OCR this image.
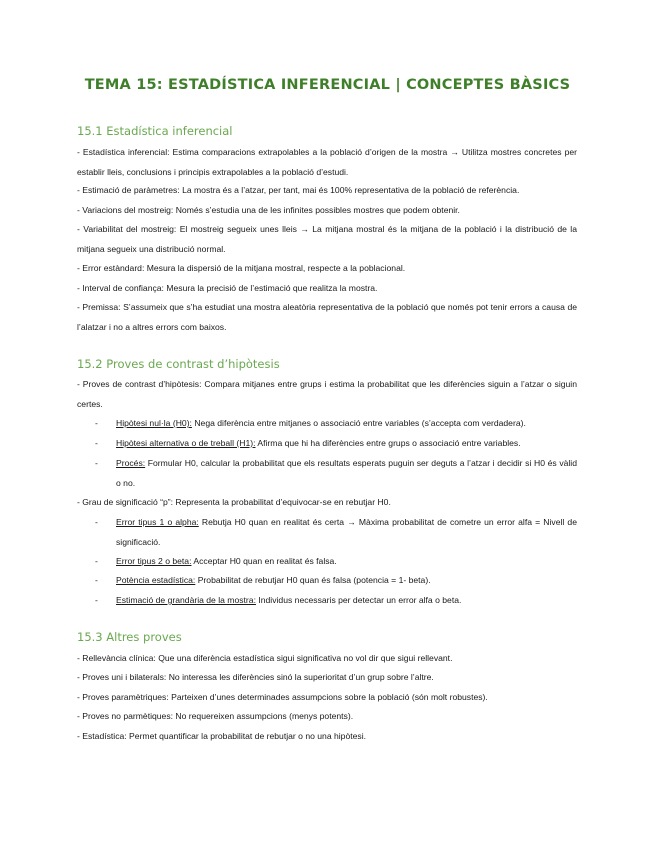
TEMA 15: ESTADÍSTICA INFERENCIAL | CONCEPTES BÀSICS
15.1 Estadística inferencial
- Estadística inferencial: Estima comparacions extrapolables a la població d’origen de la mostra → Utilitza mostres concretes per establir lleis, conclusions i principis extrapolables a la població d’estudi.
- Estimació de paràmetres: La mostra és a l’atzar, per tant, mai és 100% representativa de la població de referència.
- Variacions del mostreig: Només s’estudia una de les infinites possibles mostres que podem obtenir.
- Variabilitat del mostreig: El mostreig segueix unes lleis → La mitjana mostral és la mitjana de la població i la distribució de la mitjana segueix una distribució normal.
- Error estàndard: Mesura la dispersió de la mitjana mostral, respecte a la poblacional.
- Interval de confiança: Mesura la precisió de l’estimació que realitza la mostra.
- Premissa: S’assumeix que s’ha estudiat una mostra aleatòria representativa de la població que només pot tenir errors a causa de l’alatzar i no a altres errors com baixos.
15.2 Proves de contrast d’hipòtesis
- Proves de contrast d’hipòtesis: Compara mitjanes entre grups i estima la probabilitat que les diferències siguin a l’atzar o siguin certes.
- Hipòtesi nul·la (H0): Nega diferència entre mitjanes o associació entre variables (s’accepta com verdadera).
- Hipòtesi alternativa o de treball (H1): Afirma que hi ha diferències entre grups o associació entre variables.
- Procés: Formular H0, calcular la probabilitat que els resultats esperats puguin ser deguts a l’atzar i decidir si H0 és vàlid o no.
- Grau de significació “p”: Representa la probabilitat d’equivocar-se en rebutjar H0.
- Error tipus 1 o alpha: Rebutja H0 quan en realitat és certa → Màxima probabilitat de cometre un error alfa = Nivell de significació.
- Error tipus 2 o beta: Acceptar H0 quan en realitat és falsa.
- Potència estadística: Probabilitat de rebutjar H0 quan és falsa (potencia = 1- beta).
- Estimació de grandària de la mostra: Individus necessaris per detectar un error alfa o beta.
15.3 Altres proves
- Rellevància clínica: Que una diferència estadística sigui significativa no vol dir que sigui rellevant.
- Proves uni i bilaterals: No interessa les diferències sinó la superioritat d’un grup sobre l’altre.
- Proves paramètriques: Parteixen d’unes determinades assumpcions sobre la població (són molt robustes).
- Proves no parmètiques: No requereixen assumpcions (menys potents).
- Estadística: Permet quantificar la probabilitat de rebutjar o no una hipòtesi.
